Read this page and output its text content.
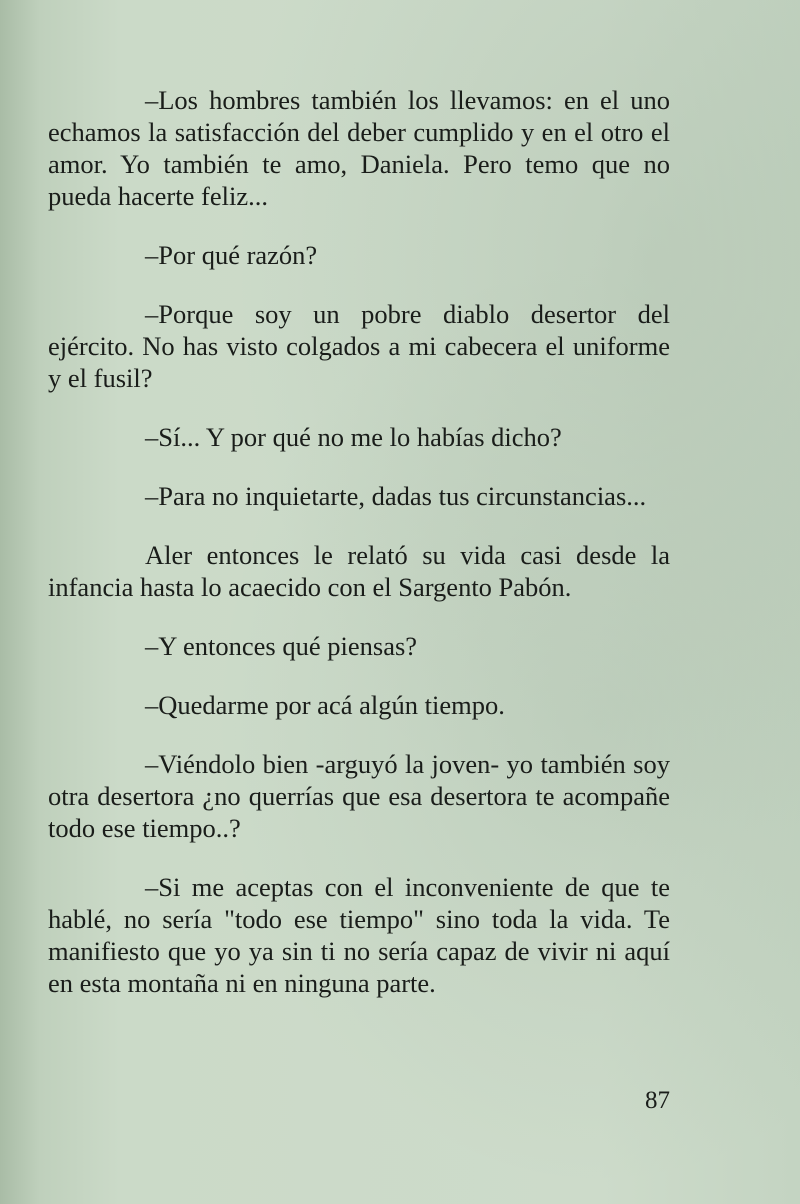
–Los hombres también los llevamos: en el uno echamos la satisfacción del deber cumplido y en el otro el amor. Yo también te amo, Daniela. Pero temo que no pueda hacerte feliz...

–Por qué razón?

–Porque soy un pobre diablo desertor del ejército. No has visto colgados a mi cabecera el uniforme y el fusil?

–Sí... Y por qué no me lo habías dicho?

–Para no inquietarte, dadas tus circunstancias...

Aler entonces le relató su vida casi desde la infancia hasta lo acaecido con el Sargento Pabón.

–Y entonces qué piensas?

–Quedarme por acá algún tiempo.

–Viéndolo bien -arguyó la joven- yo también soy otra desertora ¿no querrías que esa desertora te acompañe todo ese tiempo..?

–Si me aceptas con el inconveniente de que te hablé, no sería "todo ese tiempo" sino toda la vida. Te manifiesto que yo ya sin ti no sería capaz de vivir ni aquí en esta montaña ni en ninguna parte.

87
